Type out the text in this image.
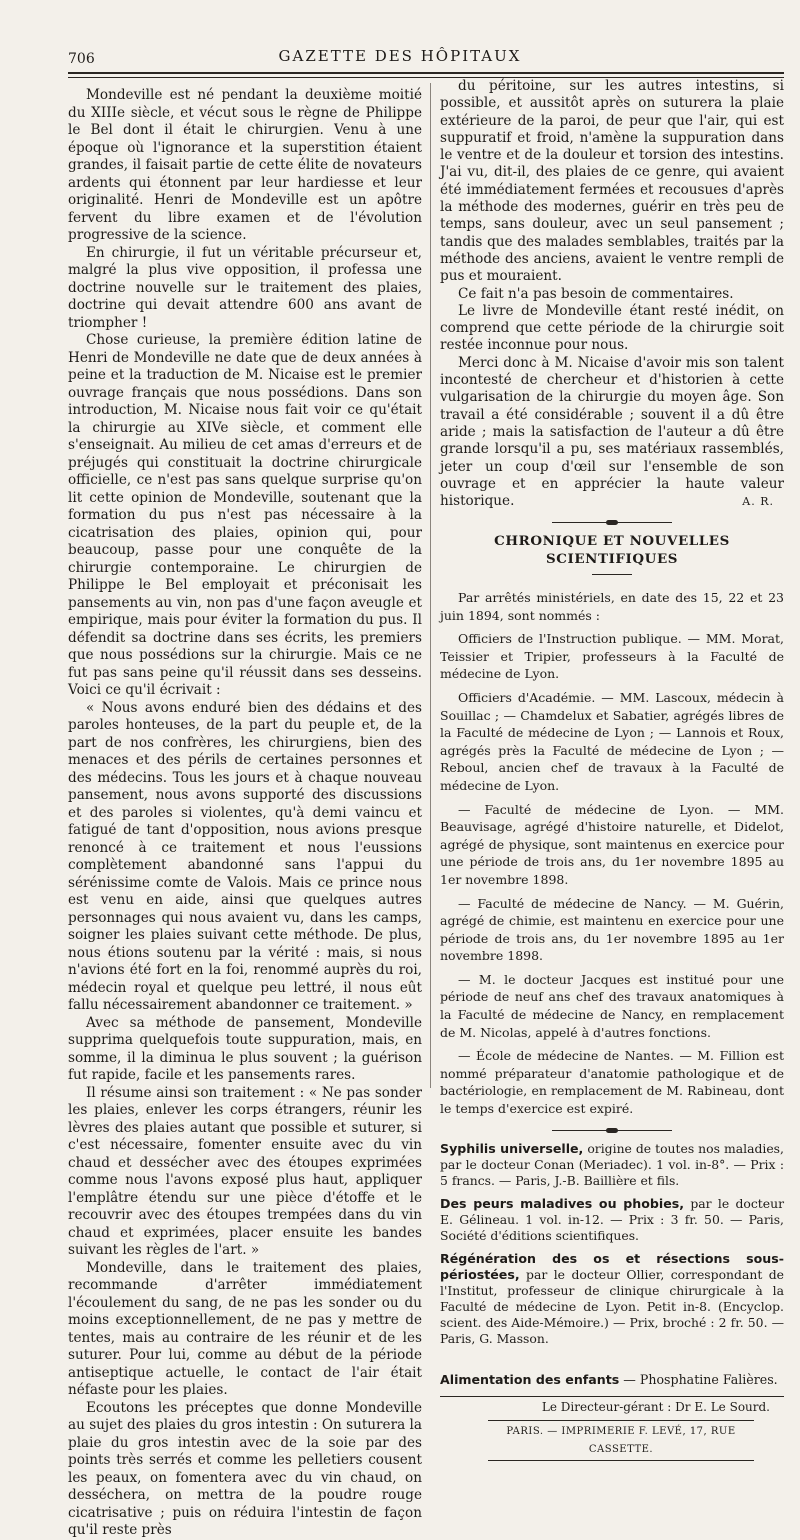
706	GAZETTE DES HÔPITAUX

Mondeville est né pendant la deuxième moitié du XIIIe siècle, et vécut sous le règne de Philippe le Bel dont il était le chirurgien. Venu à une époque où l'ignorance et la superstition étaient grandes, il faisait partie de cette élite de novateurs ardents qui étonnent par leur hardiesse et leur originalité. Henri de Mondeville est un apôtre fervent du libre examen et de l'évolution progressive de la science.

En chirurgie, il fut un véritable précurseur et, malgré la plus vive opposition, il professa une doctrine nouvelle sur le traitement des plaies, doctrine qui devait attendre 600 ans avant de triompher !

Chose curieuse, la première édition latine de Henri de Mondeville ne date que de deux années à peine et la traduction de M. Nicaise est le premier ouvrage français que nous possédions. Dans son introduction, M. Nicaise nous fait voir ce qu'était la chirurgie au XIVe siècle, et comment elle s'enseignait. Au milieu de cet amas d'erreurs et de préjugés qui constituait la doctrine chirurgicale officielle, ce n'est pas sans quelque surprise qu'on lit cette opinion de Mondeville, soutenant que la formation du pus n'est pas nécessaire à la cicatrisation des plaies, opinion qui, pour beaucoup, passe pour une conquête de la chirurgie contemporaine. Le chirurgien de Philippe le Bel employait et préconisait les pansements au vin, non pas d'une façon aveugle et empirique, mais pour éviter la formation du pus. Il défendit sa doctrine dans ses écrits, les premiers que nous possédions sur la chirurgie. Mais ce ne fut pas sans peine qu'il réussit dans ses desseins. Voici ce qu'il écrivait :

« Nous avons enduré bien des dédains et des paroles honteuses, de la part du peuple et, de la part de nos confrères, les chirurgiens, bien des menaces et des périls de certaines personnes et des médecins. Tous les jours et à chaque nouveau pansement, nous avons supporté des discussions et des paroles si violentes, qu'à demi vaincu et fatigué de tant d'opposition, nous avions presque renoncé à ce traitement et nous l'eussions complètement abandonné sans l'appui du sérénissime comte de Valois. Mais ce prince nous est venu en aide, ainsi que quelques autres personnages qui nous avaient vu, dans les camps, soigner les plaies suivant cette méthode. De plus, nous étions soutenu par la vérité : mais, si nous n'avions été fort en la foi, renommé auprès du roi, médecin royal et quelque peu lettré, il nous eût fallu nécessairement abandonner ce traitement. »

Avec sa méthode de pansement, Mondeville supprima quelquefois toute suppuration, mais, en somme, il la diminua le plus souvent ; la guérison fut rapide, facile et les pansements rares.

Il résume ainsi son traitement : « Ne pas sonder les plaies, enlever les corps étrangers, réunir les lèvres des plaies autant que possible et suturer, si c'est nécessaire, fomenter ensuite avec du vin chaud et dessécher avec des étoupes exprimées comme nous l'avons exposé plus haut, appliquer l'emplâtre étendu sur une pièce d'étoffe et le recouvrir avec des étoupes trempées dans du vin chaud et exprimées, placer ensuite les bandes suivant les règles de l'art. »

Mondeville, dans le traitement des plaies, recommande d'arrêter immédiatement l'écoulement du sang, de ne pas les sonder ou du moins exceptionnellement, de ne pas y mettre de tentes, mais au contraire de les réunir et de les suturer. Pour lui, comme au début de la période antiseptique actuelle, le contact de l'air était néfaste pour les plaies.

Ecoutons les préceptes que donne Mondeville au sujet des plaies du gros intestin : On suturera la plaie du gros intestin avec de la soie par des points très serrés et comme les pelletiers cousent les peaux, on fomentera avec du vin chaud, on desséchera, on mettra de la poudre rouge cicatrisative ; puis on réduira l'intestin de façon qu'il reste près

du péritoine, sur les autres intestins, si possible, et aussitôt après on suturera la plaie extérieure de la paroi, de peur que l'air, qui est suppuratif et froid, n'amène la suppuration dans le ventre et de la douleur et torsion des intestins. J'ai vu, dit-il, des plaies de ce genre, qui avaient été immédiatement fermées et recousues d'après la méthode des modernes, guérir en très peu de temps, sans douleur, avec un seul pansement ; tandis que des malades semblables, traités par la méthode des anciens, avaient le ventre rempli de pus et mouraient.

Ce fait n'a pas besoin de commentaires.

Le livre de Mondeville étant resté inédit, on comprend que cette période de la chirurgie soit restée inconnue pour nous.

Merci donc à M. Nicaise d'avoir mis son talent incontesté de chercheur et d'historien à cette vulgarisation de la chirurgie du moyen âge. Son travail a été considérable ; souvent il a dû être aride ; mais la satisfaction de l'auteur a dû être grande lorsqu'il a pu, ses matériaux rassemblés, jeter un coup d'œil sur l'ensemble de son ouvrage et en apprécier la haute valeur historique.	A. R.

CHRONIQUE ET NOUVELLES SCIENTIFIQUES

Par arrêtés ministériels, en date des 15, 22 et 23 juin 1894, sont nommés :

Officiers de l'Instruction publique. — MM. Morat, Teissier et Tripier, professeurs à la Faculté de médecine de Lyon.

Officiers d'Académie. — MM. Lascoux, médecin à Souillac ; — Chamdelux et Sabatier, agrégés libres de la Faculté de médecine de Lyon ; — Lannois et Roux, agrégés près la Faculté de médecine de Lyon ; — Reboul, ancien chef de travaux à la Faculté de médecine de Lyon.

— Faculté de médecine de Lyon. — MM. Beauvisage, agrégé d'histoire naturelle, et Didelot, agrégé de physique, sont maintenus en exercice pour une période de trois ans, du 1er novembre 1895 au 1er novembre 1898.

— Faculté de médecine de Nancy. — M. Guérin, agrégé de chimie, est maintenu en exercice pour une période de trois ans, du 1er novembre 1895 au 1er novembre 1898.

— M. le docteur Jacques est institué pour une période de neuf ans chef des travaux anatomiques à la Faculté de médecine de Nancy, en remplacement de M. Nicolas, appelé à d'autres fonctions.

— École de médecine de Nantes. — M. Fillion est nommé préparateur d'anatomie pathologique et de bactériologie, en remplacement de M. Rabineau, dont le temps d'exercice est expiré.

Syphilis universelle, origine de toutes nos maladies, par le docteur Conan (Meriadec). 1 vol. in-8°. — Prix : 5 francs. — Paris, J.-B. Baillière et fils.

Des peurs maladives ou phobies, par le docteur E. Gélineau. 1 vol. in-12. — Prix : 3 fr. 50. — Paris, Société d'éditions scientifiques.

Régénération des os et résections sous-périostées, par le docteur Ollier, correspondant de l'Institut, professeur de clinique chirurgicale à la Faculté de médecine de Lyon. Petit in-8. (Encyclop. scient. des Aide-Mémoire.) — Prix, broché : 2 fr. 50. — Paris, G. Masson.

Alimentation des enfants — Phosphatine Falières.

Le Directeur-gérant : Dr E. Le Sourd.
PARIS. — IMPRIMERIE F. LEVÉ, 17, RUE CASSETTE.
